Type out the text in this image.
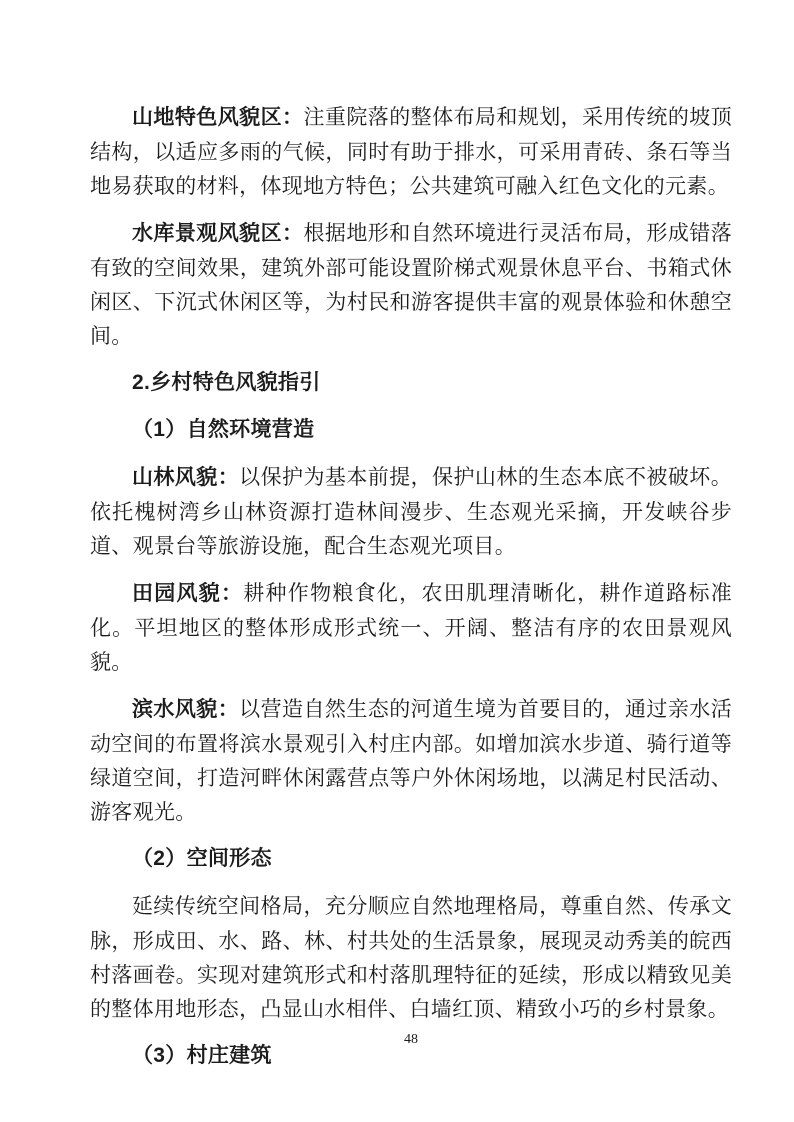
山地特色风貌区：注重院落的整体布局和规划，采用传统的坡顶结构，以适应多雨的气候，同时有助于排水，可采用青砖、条石等当地易获取的材料，体现地方特色；公共建筑可融入红色文化的元素。

水库景观风貌区：根据地形和自然环境进行灵活布局，形成错落有致的空间效果，建筑外部可能设置阶梯式观景休息平台、书箱式休闲区、下沉式休闲区等，为村民和游客提供丰富的观景体验和休憩空间。

2.乡村特色风貌指引
（1）自然环境营造

山林风貌：以保护为基本前提，保护山林的生态本底不被破坏。依托槐树湾乡山林资源打造林间漫步、生态观光采摘，开发峡谷步道、观景台等旅游设施，配合生态观光项目。

田园风貌：耕种作物粮食化，农田肌理清晰化，耕作道路标准化。平坦地区的整体形成形式统一、开阔、整洁有序的农田景观风貌。

滨水风貌：以营造自然生态的河道生境为首要目的，通过亲水活动空间的布置将滨水景观引入村庄内部。如增加滨水步道、骑行道等绿道空间，打造河畔休闲露营点等户外休闲场地，以满足村民活动、游客观光。

（2）空间形态

延续传统空间格局，充分顺应自然地理格局，尊重自然、传承文脉，形成田、水、路、林、村共处的生活景象，展现灵动秀美的皖西村落画卷。实现对建筑形式和村落肌理特征的延续，形成以精致见美的整体用地形态，凸显山水相伴、白墙红顶、精致小巧的乡村景象。

（3）村庄建筑
48
